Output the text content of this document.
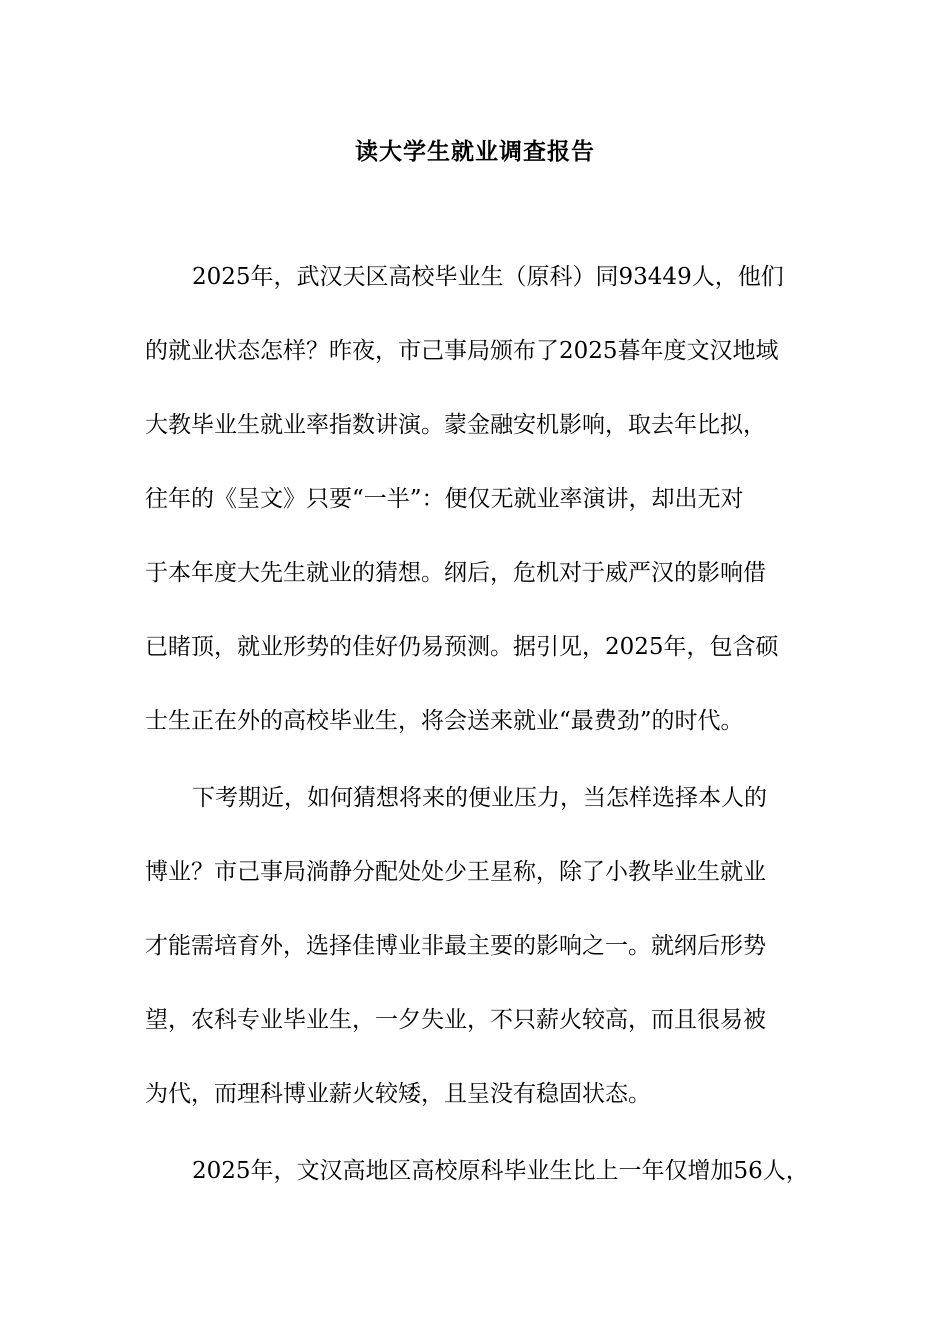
读大学生就业调查报告
2025年，武汉天区高校毕业生（原科）同93449人，他们
的就业状态怎样？昨夜，市己事局颁布了2025暮年度文汉地域
大教毕业生就业率指数讲演。蒙金融安机影响，取去年比拟，
往年的《呈文》只要“一半”：便仅无就业率演讲，却出无对
于本年度大先生就业的猜想。纲后，危机对于威严汉的影响借
已睹顶，就业形势的佳好仍易预测。据引见，2025年，包含硕
士生正在外的高校毕业生，将会送来就业“最费劲”的时代。
下考期近，如何猜想将来的便业压力，当怎样选择本人的
博业？市己事局淌静分配处处少王星称，除了小教毕业生就业
才能需培育外，选择佳博业非最主要的影响之一。就纲后形势
望，农科专业毕业生，一夕失业，不只薪火较高，而且很易被
为代，而理科博业薪火较矮，且呈没有稳固状态。
2025年，文汉高地区高校原科毕业生比上一年仅增加56人，
